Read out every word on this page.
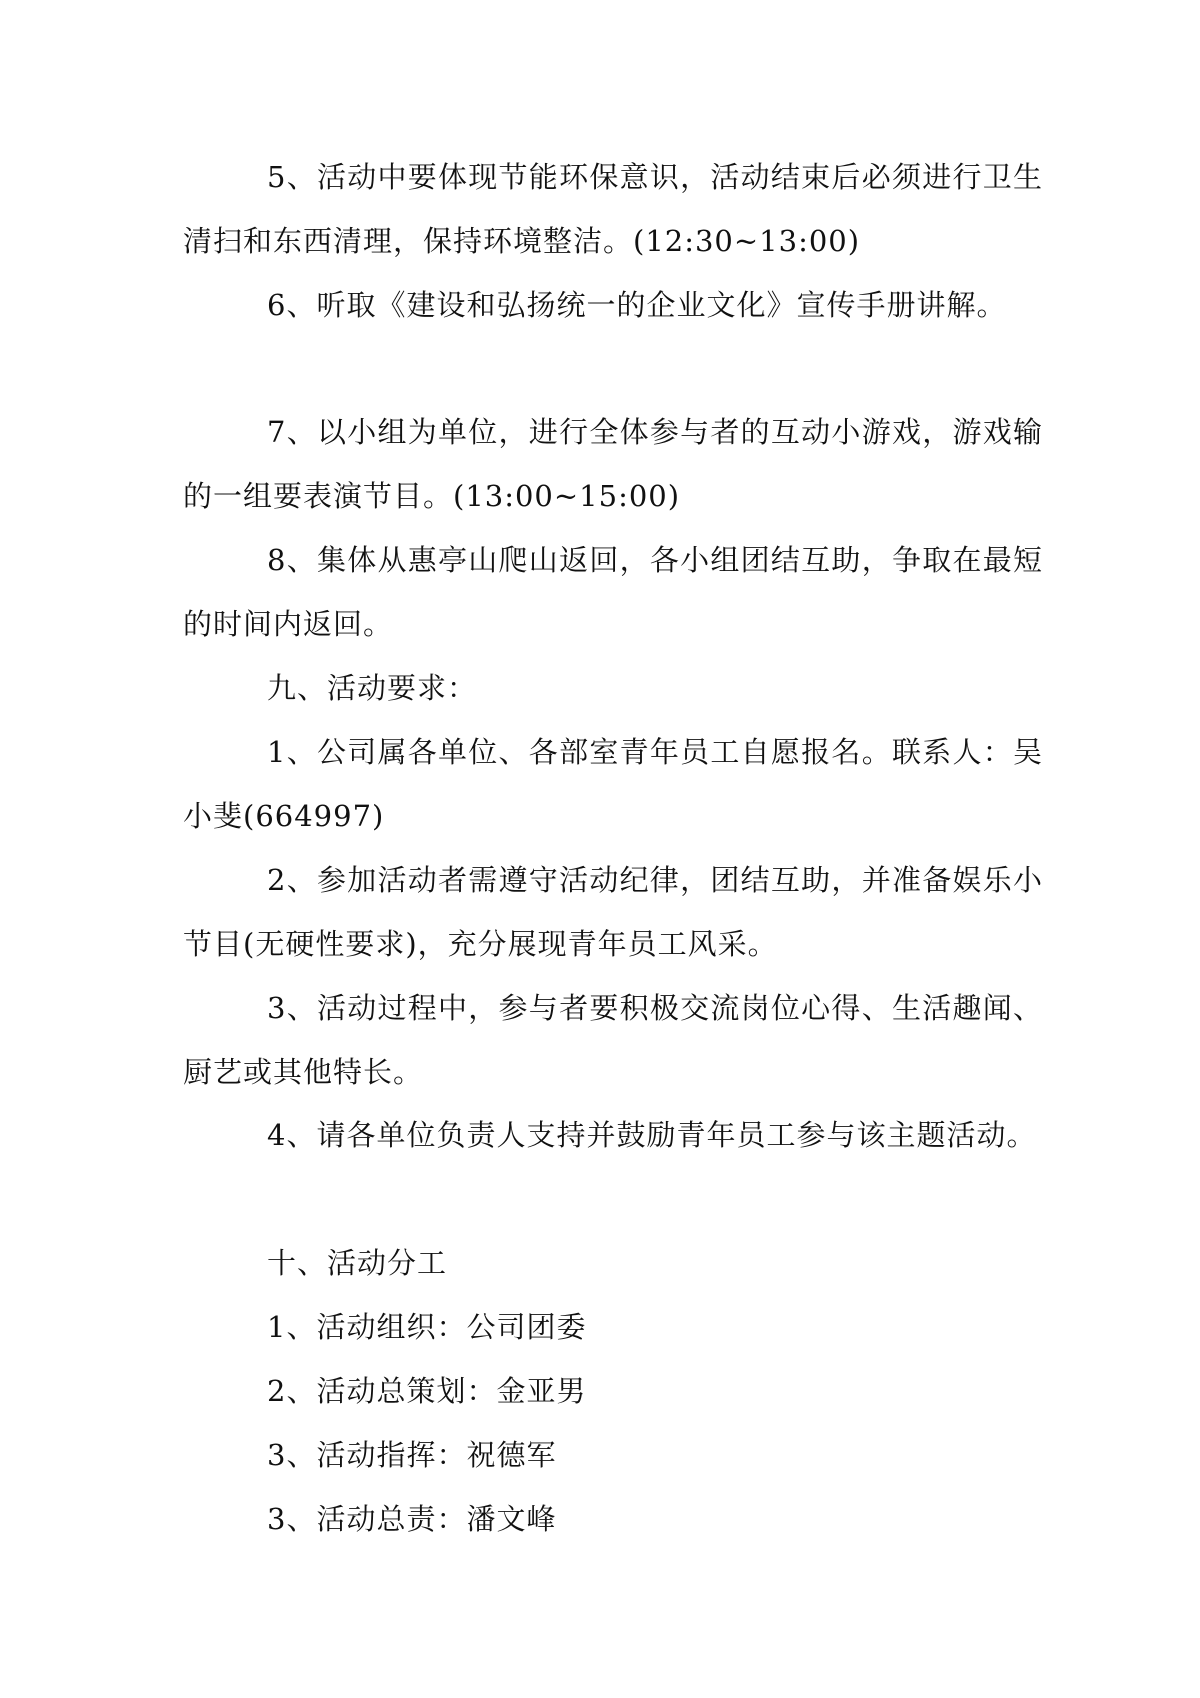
5、活动中要体现节能环保意识，活动结束后必须进行卫生清扫和东西清理，保持环境整洁。(12:30~13:00)

6、听取《建设和弘扬统一的企业文化》宣传手册讲解。

7、以小组为单位，进行全体参与者的互动小游戏，游戏输的一组要表演节目。(13:00~15:00)

8、集体从惠亭山爬山返回，各小组团结互助，争取在最短的时间内返回。

九、活动要求：

1、公司属各单位、各部室青年员工自愿报名。联系人：吴小斐(664997)

2、参加活动者需遵守活动纪律，团结互助，并准备娱乐小节目(无硬性要求)，充分展现青年员工风采。

3、活动过程中，参与者要积极交流岗位心得、生活趣闻、厨艺或其他特长。

4、请各单位负责人支持并鼓励青年员工参与该主题活动。

十、活动分工

1、活动组织：公司团委

2、活动总策划：金亚男

3、活动指挥：祝德军

3、活动总责：潘文峰
